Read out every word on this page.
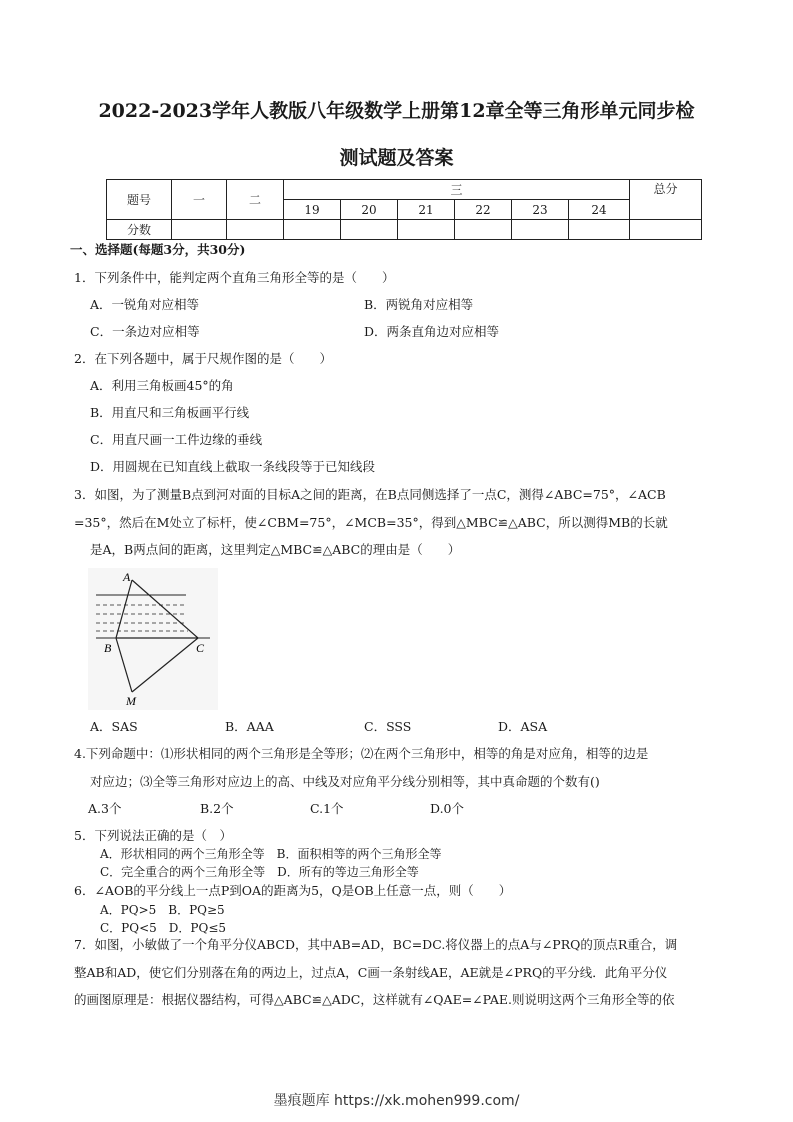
2022-2023学年人教版八年级数学上册第12章全等三角形单元同步检
测试题及答案
题号	一	二	三						总分
			19	20	21	22	23	24	
分数									
一、选择题(每题3分，共30分)
1．下列条件中，能判定两个直角三角形全等的是（　　）
A．一锐角对应相等	B．两锐角对应相等
C．一条边对应相等	D．两条直角边对应相等
2．在下列各题中，属于尺规作图的是（　　）
A．利用三角板画45°的角
B．用直尺和三角板画平行线
C．用直尺画一工件边缘的垂线
D．用圆规在已知直线上截取一条线段等于已知线段
3．如图，为了测量B点到河对面的目标A之间的距离，在B点同侧选择了一点C，测得∠ABC=75°，∠ACB
=35°，然后在M处立了标杆，使∠CBM=75°，∠MCB=35°，得到△MBC≌△ABC，所以测得MB的长就
是A，B两点间的距离，这里判定△MBC≌△ABC的理由是（　　）
A
B	C
M
A．SAS	B．AAA	C．SSS	D．ASA
4.下列命题中：⑴形状相同的两个三角形是全等形；⑵在两个三角形中，相等的角是对应角，相等的边是
对应边；⑶全等三角形对应边上的高、中线及对应角平分线分别相等，其中真命题的个数有()
A.3个	B.2个	C.1个	D.0个
5．下列说法正确的是（　）
A．形状相同的两个三角形全等　B．面积相等的两个三角形全等
C．完全重合的两个三角形全等　D．所有的等边三角形全等
6．∠AOB的平分线上一点P到OA的距离为5，Q是OB上任意一点，则（　　）
A．PQ>5　B．PQ≥5
C．PQ<5　D．PQ≤5
7．如图，小敏做了一个角平分仪ABCD，其中AB=AD，BC=DC.将仪器上的点A与∠PRQ的顶点R重合，调
整AB和AD，使它们分别落在角的两边上，过点A，C画一条射线AE，AE就是∠PRQ的平分线．此角平分仪
的画图原理是：根据仪器结构，可得△ABC≌△ADC，这样就有∠QAE=∠PAE.则说明这两个三角形全等的依
墨痕题库 https://xk.mohen999.com/
